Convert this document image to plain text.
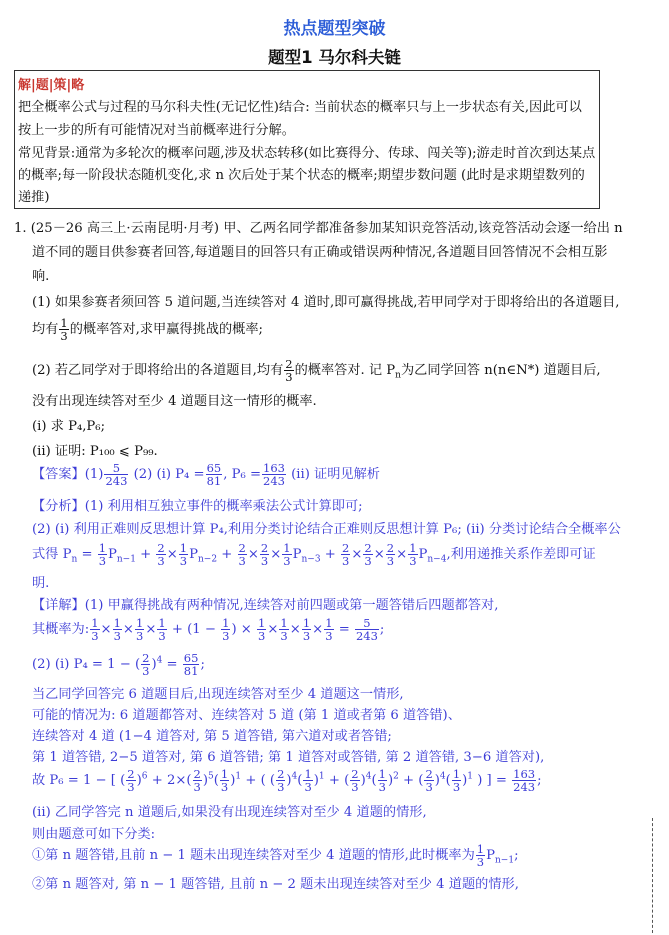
热点题型突破
题型1 马尔科夫链
解|题|策|略
把全概率公式与过程的马尔科夫性(无记忆性)结合: 当前状态的概率只与上一步状态有关,因此可以
按上一步的所有可能情况对当前概率进行分解。
常见背景:通常为多轮次的概率问题,涉及状态转移(如比赛得分、传球、闯关等);游走时首次到达某点
的概率;每一阶段状态随机变化,求 n 次后处于某个状态的概率;期望步数问题 (此时是求期望数列的
递推)
1. (25－26 高三上·云南昆明·月考) 甲、乙两名同学都准备参加某知识竞答活动,该竞答活动会逐一给出 n
道不同的题目供参赛者回答,每道题目的回答只有正确或错误两种情况,各道题目回答情况不会相互影
响.
(1) 如果参赛者须回答 5 道问题,当连续答对 4 道时,即可赢得挑战,若甲同学对于即将给出的各道题目,
均有 $\frac{1}{3}$ 的概率答对,求甲赢得挑战的概率;
(2) 若乙同学对于即将给出的各道题目,均有 $\frac{2}{3}$ 的概率答对. 记 $P_n$为乙同学回答 n(n∈N*) 道题目后,
没有出现连续答对至少 4 道题目这一情形的概率.
(i) 求 P₄,P₆;
(ii) 证明: P₁₀₀ ⩽ P₉₉.
【答案】$(1) \frac{5}{243} (2)$ (i) $P_4 = \frac{65}{81}$ , $P_6 = \frac{163}{243} (ii)$ 证明见解析
【分析】(1) 利用相互独立事件的概率乘法公式计算即可;
(2) (i) 利用正难则反思想计算 P₄,利用分类讨论结合正难则反思想计算 P₆; (ii) 分类讨论结合全概率公
式得 $P_n = \frac{1}{3} P_{n-1} + \frac{2}{3} \times \frac{1}{3} P_{n-2} + \frac{2}{3} \times \frac{2}{3} \times \frac{1}{3} P_{n-3} + \frac{2}{3} \times \frac{2}{3} \times \frac{2}{3} \times \frac{1}{3} P_{n-4}$,利用递推关系作差即可证
明.
【详解】(1) 甲赢得挑战有两种情况,连续答对前四题或第一题答错后四题都答对,
其概率为: $\frac{1}{3} \times \frac{1}{3} \times \frac{1}{3} \times \frac{1}{3} + (1 - \frac{1}{3}$ ) × $\frac{1}{3} \times \frac{1}{3} \times \frac{1}{3} \times \frac{1}{3} = \frac{5}{243}$ ;
(2) (i) P₄ = 1 − ( $\frac{2}{3} )^4 = \frac{65}{81}$ ;
当乙同学回答完 6 道题目后,出现连续答对至少 4 道题这一情形,
可能的情况为: 6 道题都答对、连续答对 5 道 (第 1 道或者第 6 道答错)、
连续答对 4 道 (1−4 道答对, 第 5 道答错, 第六道对或者答错;
第 1 道答错, 2−5 道答对, 第 6 道答错; 第 1 道答对或答错, 第 2 道答错, 3−6 道答对),
故 P₆ = 1 − [ ( $\frac{2}{3} )^6 + 2\times( \frac{2}{3} )^5( \frac{1}{3} )^1$ + ( ( $\frac{2}{3} )^4( \frac{1}{3} )^1$ + ( $\frac{2}{3} )^4( \frac{1}{3} )^2$ + ( $\frac{2}{3} )^4( \frac{1}{3} )^1$ ) ] = $\frac{163}{243}$ ;
(ii) 乙同学答完 n 道题后,如果没有出现连续答对至少 4 道题的情形,
则由题意可如下分类:
①第 n 题答错,且前 n − 1 题未出现连续答对至少 4 道题的情形,此时概率为 $\frac{1}{3} P_{n-1}$;
②第 n 题答对, 第 n − 1 题答错, 且前 n − 2 题未出现连续答对至少 4 道题的情形,
